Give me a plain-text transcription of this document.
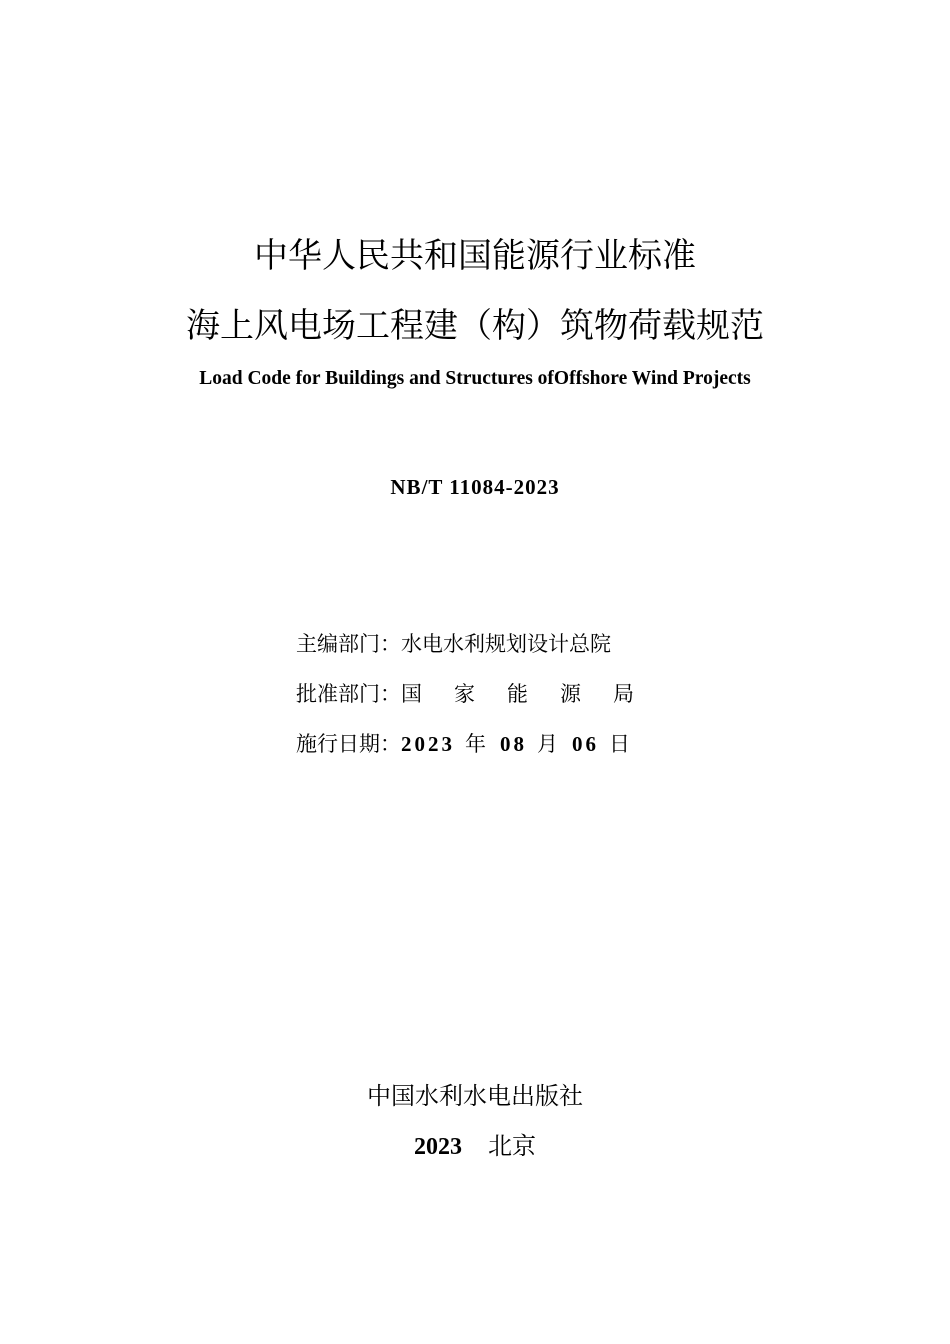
中华人民共和国能源行业标准
海上风电场工程建（构）筑物荷载规范
Load Code for Buildings and Structures ofOffshore Wind Projects
NB/T 11084-2023
主编部门： 水电水利规划设计总院
批准部门： 国	家	能	源	局
施行日期： 2023 年 08 月 06 日
中国水利水电出版社
2023 北京
